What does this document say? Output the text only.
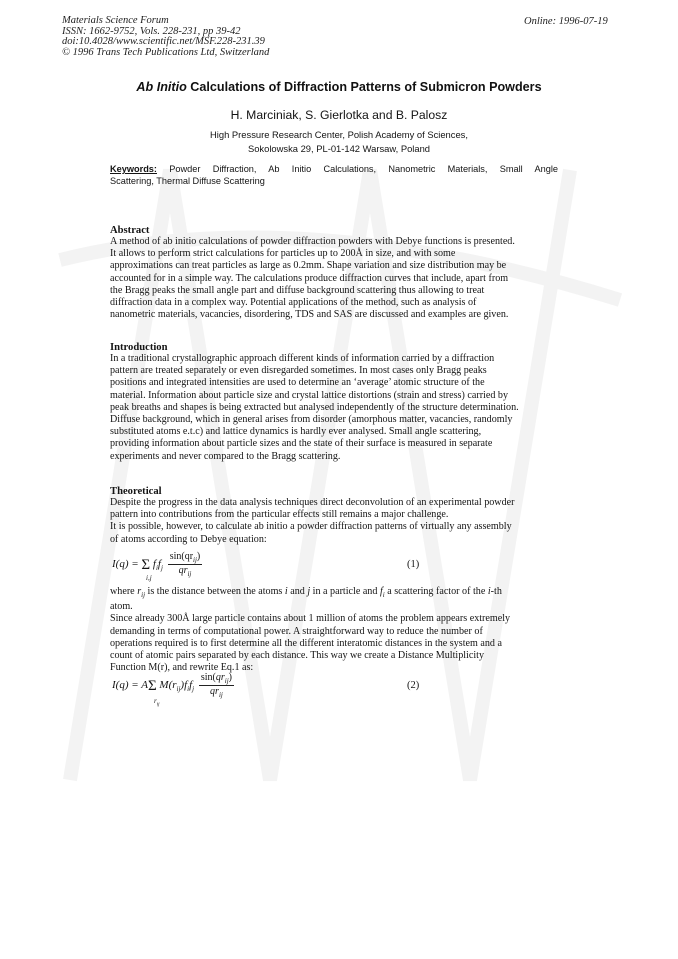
Materials Science Forum
ISSN: 1662-9752, Vols. 228-231, pp 39-42
doi:10.4028/www.scientific.net/MSF.228-231.39
© 1996 Trans Tech Publications Ltd, Switzerland
Online: 1996-07-19
Ab Initio Calculations of Diffraction Patterns of Submicron Powders
H. Marciniak, S. Gierlotka and B. Palosz
High Pressure Research Center, Polish Academy of Sciences,
Sokolowska 29, PL-01-142 Warsaw, Poland
Keywords: Powder Diffraction, Ab Initio Calculations, Nanometric Materials, Small Angle
Scattering, Thermal Diffuse Scattering
Abstract
A method of ab initio calculations of powder diffraction powders with Debye functions is presented.
It allows to perform strict calculations for particles up to 200Å in size, and with some
approximations can treat particles as large as 0.2mm. Shape variation and size distribution may be
accounted for in a simple way. The calculations produce diffraction curves that include, apart from
the Bragg peaks the small angle part and diffuse background scattering thus allowing to treat
diffraction data in a complex way. Potential applications of the method, such as analysis of
nanometric materials, vacancies, disordering, TDS and SAS are discussed and examples are given.
Introduction
In a traditional crystallographic approach different kinds of information carried by a diffraction
pattern are treated separately or even disregarded sometimes. In most cases only Bragg peaks
positions and integrated intensities are used to determine an ‘average’ atomic structure of the
material. Information about particle size and crystal lattice distortions (strain and stress) carried by
peak breaths and shapes is being extracted but analysed independently of the structure determination.
Diffuse background, which in general arises from disorder (amorphous matter, vacancies, randomly
substituted atoms e.t.c) and lattice dynamics is hardly ever analysed. Small angle scattering,
providing information about particle sizes and the state of their surface is measured in separate
experiments and never compared to the Bragg scattering.
Theoretical
Despite the progress in the data analysis techniques direct deconvolution of an experimental powder
pattern into contributions from the particular effects still remains a major challenge.
It is possible, however, to calculate ab initio a powder diffraction patterns of virtually any assembly
of atoms according to Debye equation:
I(q) = Σ $f_if_j \frac{\sin(qr_{ij})}{qr_{ij}}$
i,j
(1)
where $r_{ij}$ is the distance between the atoms i and j in a particle and $f_i$ a scattering factor of the i-th
atom.
Since already 300Å large particle contains about 1 million of atoms the problem appears extremely
demanding in terms of computational power. A straightforward way to reduce the number of
operations required is to first determine all the different interatomic distances in the system and a
count of atomic pairs separated by each distance. This way we create a Distance Multiplicity
Function M(r), and rewrite Eq.1 as:
I(q) = AΣ $M(r_{ij})f_if_j \frac{\sin(qr_{ij})}{qr_{ij}}$
$r_{ij}$
(2)
